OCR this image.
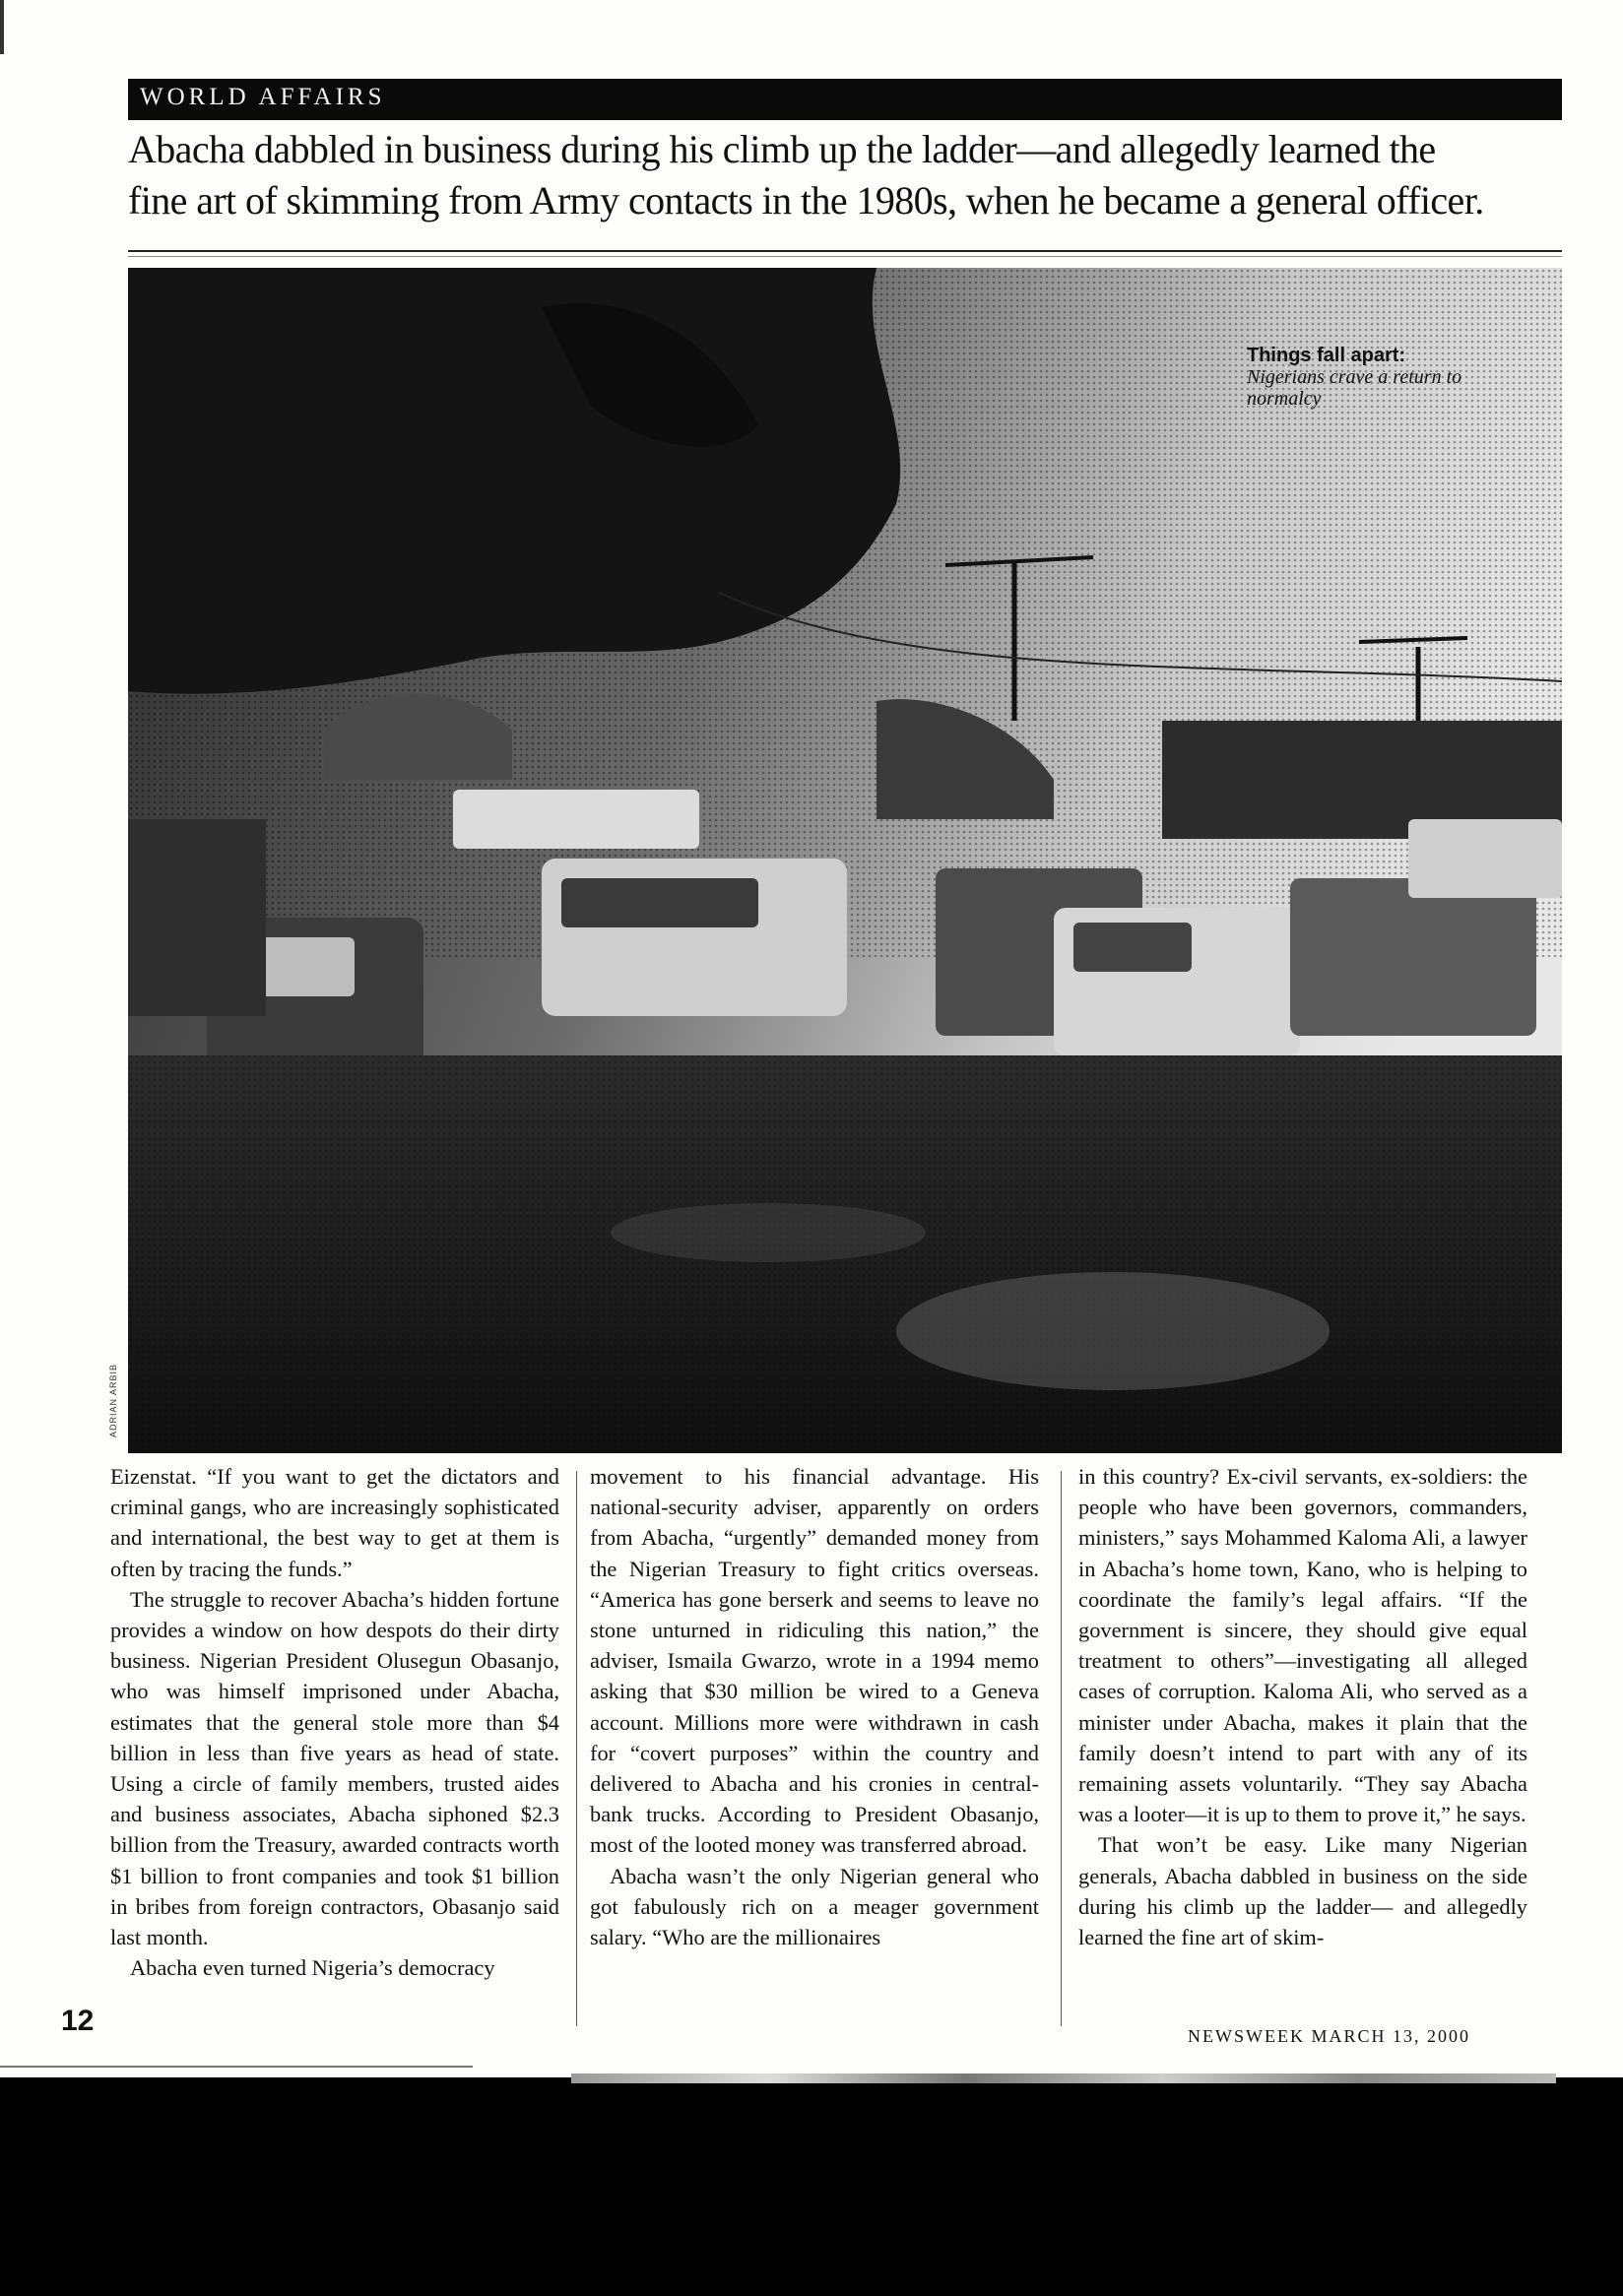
WORLD AFFAIRS
Abacha dabbled in business during his climb up the ladder—and allegedly learned the
fine art of skimming from Army contacts in the 1980s, when he became a general officer.
Things fall apart:
Nigerians crave a return to normalcy
ADRIAN ARBIB

Eizenstat. “If you want to get the dictators and criminal gangs, who are increasingly sophisticated and international, the best way to get at them is often by tracing the funds.”

The struggle to recover Abacha’s hidden fortune provides a window on how despots do their dirty business. Nigerian President Olusegun Obasanjo, who was himself imprisoned under Abacha, estimates that the general stole more than $4 billion in less than five years as head of state. Using a circle of family members, trusted aides and business associates, Abacha siphoned $2.3 billion from the Treasury, awarded contracts worth $1 billion to front companies and took $1 billion in bribes from foreign contractors, Obasanjo said last month.

Abacha even turned Nigeria’s democracy

movement to his financial advantage. His national-security adviser, apparently on orders from Abacha, “urgently” demanded money from the Nigerian Treasury to fight critics overseas. “America has gone berserk and seems to leave no stone unturned in ridiculing this nation,” the adviser, Ismaila Gwarzo, wrote in a 1994 memo asking that $30 million be wired to a Geneva account. Millions more were withdrawn in cash for “covert purposes” within the country and delivered to Abacha and his cronies in central-bank trucks. According to President Obasanjo, most of the looted money was transferred abroad.

Abacha wasn’t the only Nigerian general who got fabulously rich on a meager government salary. “Who are the millionaires

in this country? Ex-civil servants, ex-soldiers: the people who have been governors, commanders, ministers,” says Mohammed Kaloma Ali, a lawyer in Abacha’s home town, Kano, who is helping to coordinate the family’s legal affairs. “If the government is sincere, they should give equal treatment to others”—investigating all alleged cases of corruption. Kaloma Ali, who served as a minister under Abacha, makes it plain that the family doesn’t intend to part with any of its remaining assets voluntarily. “They say Abacha was a looter—it is up to them to prove it,” he says.

That won’t be easy. Like many Nigerian generals, Abacha dabbled in business on the side during his climb up the ladder— and allegedly learned the fine art of skim-

12	NEWSWEEK MARCH 13, 2000
